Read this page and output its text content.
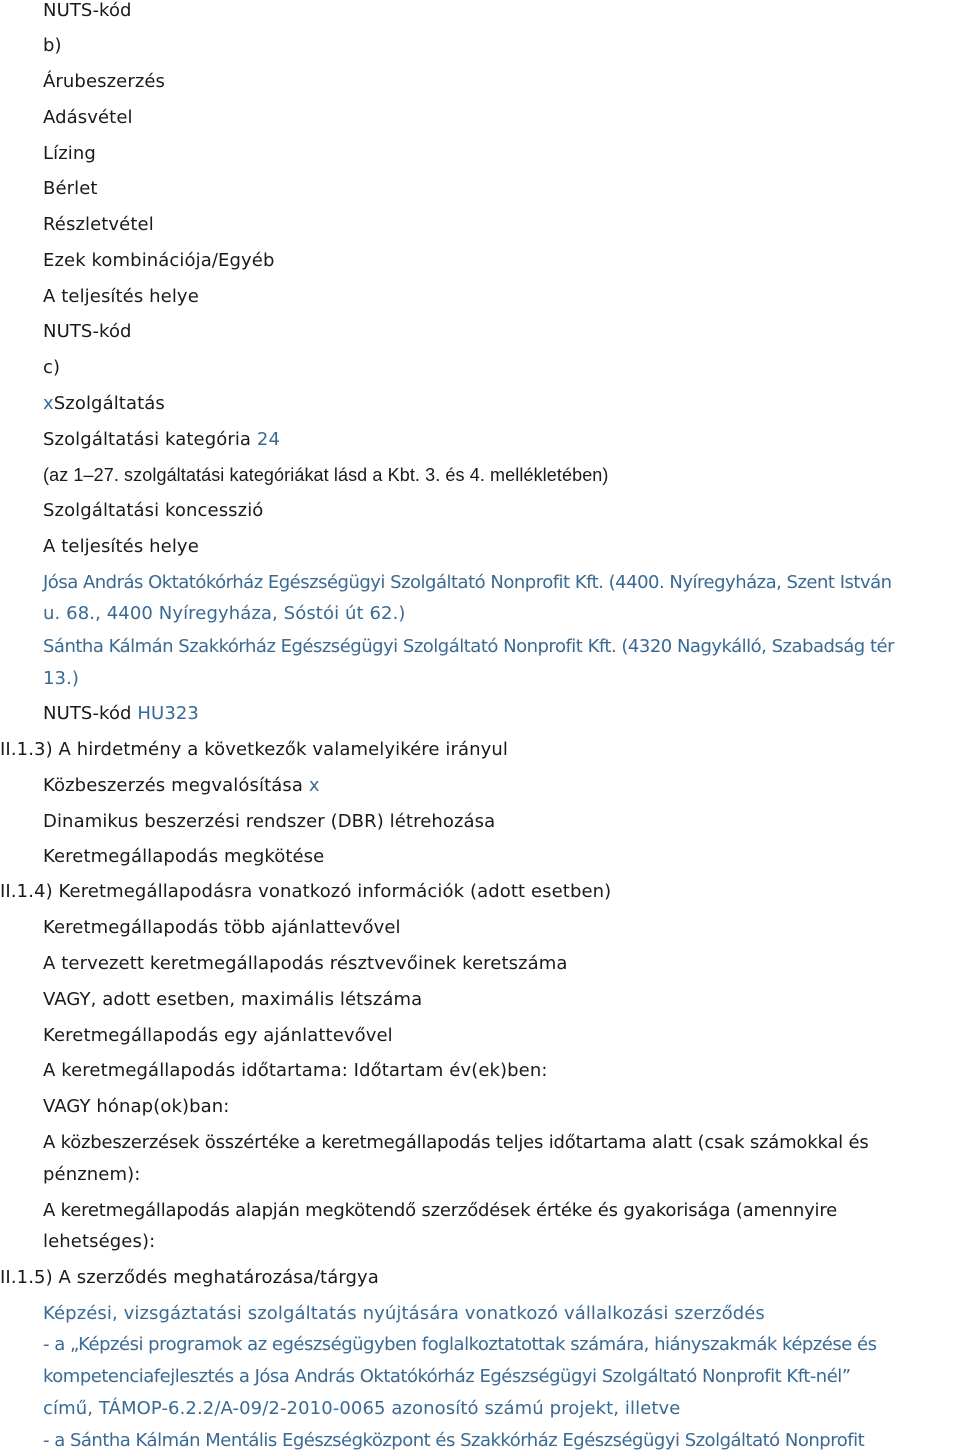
NUTS-kód
b)
Árubeszerzés
Adásvétel
Lízing
Bérlet
Részletvétel
Ezek kombinációja/Egyéb
A teljesítés helye
NUTS-kód
c)
xSzolgáltatás
Szolgáltatási kategória 24
(az 1–27. szolgáltatási kategóriákat lásd a Kbt. 3. és 4. mellékletében)
Szolgáltatási koncesszió
A teljesítés helye
Jósa András Oktatókórház Egészségügyi Szolgáltató Nonprofit Kft. (4400. Nyíregyháza, Szent István
u. 68., 4400 Nyíregyháza, Sóstói út 62.)
Sántha Kálmán Szakkórház Egészségügyi Szolgáltató Nonprofit Kft. (4320 Nagykálló, Szabadság tér
13.)
NUTS-kód HU323
II.1.3) A hirdetmény a következők valamelyikére irányul
Közbeszerzés megvalósítása x
Dinamikus beszerzési rendszer (DBR) létrehozása
Keretmegállapodás megkötése
II.1.4) Keretmegállapodásra vonatkozó információk (adott esetben)
Keretmegállapodás több ajánlattevővel
A tervezett keretmegállapodás résztvevőinek keretszáma
VAGY, adott esetben, maximális létszáma
Keretmegállapodás egy ajánlattevővel
A keretmegállapodás időtartama: Időtartam év(ek)ben:
VAGY hónap(ok)ban:
A közbeszerzések összértéke a keretmegállapodás teljes időtartama alatt (csak számokkal és
pénznem):
A keretmegállapodás alapján megkötendő szerződések értéke és gyakorisága (amennyire
lehetséges):
II.1.5) A szerződés meghatározása/tárgya
Képzési, vizsgáztatási szolgáltatás nyújtására vonatkozó vállalkozási szerződés
- a „Képzési programok az egészségügyben foglalkoztatottak számára, hiányszakmák képzése és
kompetenciafejlesztés a Jósa András Oktatókórház Egészségügyi Szolgáltató Nonprofit Kft-nél”
című, TÁMOP-6.2.2/A-09/2-2010-0065 azonosító számú projekt, illetve
- a Sántha Kálmán Mentális Egészségközpont és Szakkórház Egészségügyi Szolgáltató Nonprofit
